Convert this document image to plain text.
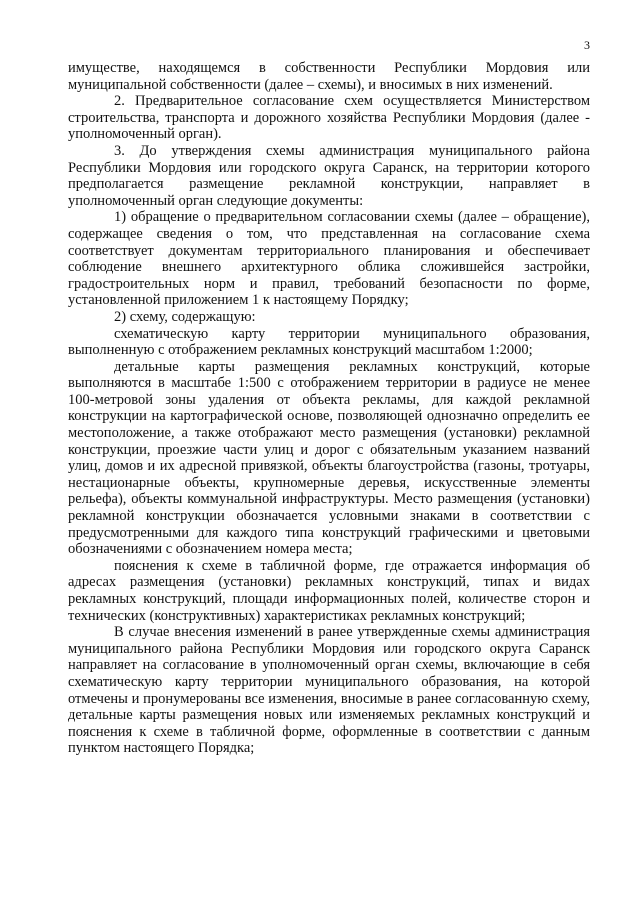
3

имуществе, находящемся в собственности Республики Мордовия или муниципальной собственности (далее – схемы), и вносимых в них изменений.

2. Предварительное согласование схем осуществляется Министерством строительства, транспорта и дорожного хозяйства Республики Мордовия (далее - уполномоченный орган).

3. До утверждения схемы администрация муниципального района Республики Мордовия или городского округа Саранск, на территории которого предполагается размещение рекламной конструкции, направляет в уполномоченный орган следующие документы:

1) обращение о предварительном согласовании схемы (далее – обращение), содержащее сведения о том, что представленная на согласование схема соответствует документам территориального планирования и обеспечивает соблюдение внешнего архитектурного облика сложившейся застройки, градостроительных норм и правил, требований безопасности по форме, установленной приложением 1 к настоящему Порядку;

2) схему, содержащую:

схематическую карту территории муниципального образования, выполненную с отображением рекламных конструкций масштабом 1:2000;

детальные карты размещения рекламных конструкций, которые выполняются в масштабе 1:500 с отображением территории в радиусе не менее 100-метровой зоны удаления от объекта рекламы, для каждой рекламной конструкции на картографической основе, позволяющей однозначно определить ее местоположение, а также отображают место размещения (установки) рекламной конструкции, проезжие части улиц и дорог с обязательным указанием названий улиц, домов и их адресной привязкой, объекты благоустройства (газоны, тротуары, нестационарные объекты, крупномерные деревья, искусственные элементы рельефа), объекты коммунальной инфраструктуры. Место размещения (установки) рекламной конструкции обозначается условными знаками в соответствии с предусмотренными для каждого типа конструкций графическими и цветовыми обозначениями с обозначением номера места;

пояснения к схеме в табличной форме, где отражается информация об адресах размещения (установки) рекламных конструкций, типах и видах рекламных конструкций, площади информационных полей, количестве сторон и технических (конструктивных) характеристиках рекламных конструкций;

В случае внесения изменений в ранее утвержденные схемы администрация муниципального района Республики Мордовия или городского округа Саранск направляет на согласование в уполномоченный орган схемы, включающие в себя схематическую карту территории муниципального образования, на которой отмечены и пронумерованы все изменения, вносимые в ранее согласованную схему, детальные карты размещения новых или изменяемых рекламных конструкций и пояснения к схеме в табличной форме, оформленные в соответствии с данным пунктом настоящего Порядка;
